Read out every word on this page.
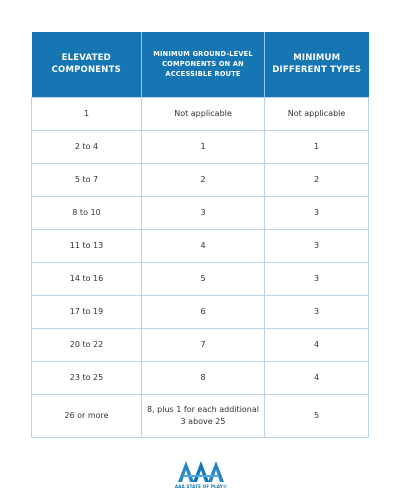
ELEVATED COMPONENTS	MINIMUM GROUND-LEVEL COMPONENTS ON AN ACCESSIBLE ROUTE	MINIMUM DIFFERENT TYPES
1	Not applicable	Not applicable
2 to 4	1	1
5 to 7	2	2
8 to 10	3	3
11 to 13	4	3
14 to 16	5	3
17 to 19	6	3
20 to 22	7	4
23 to 25	8	4
26 or more	8, plus 1 for each additional 3 above 25	5
AAA STATE OF PLAY®
